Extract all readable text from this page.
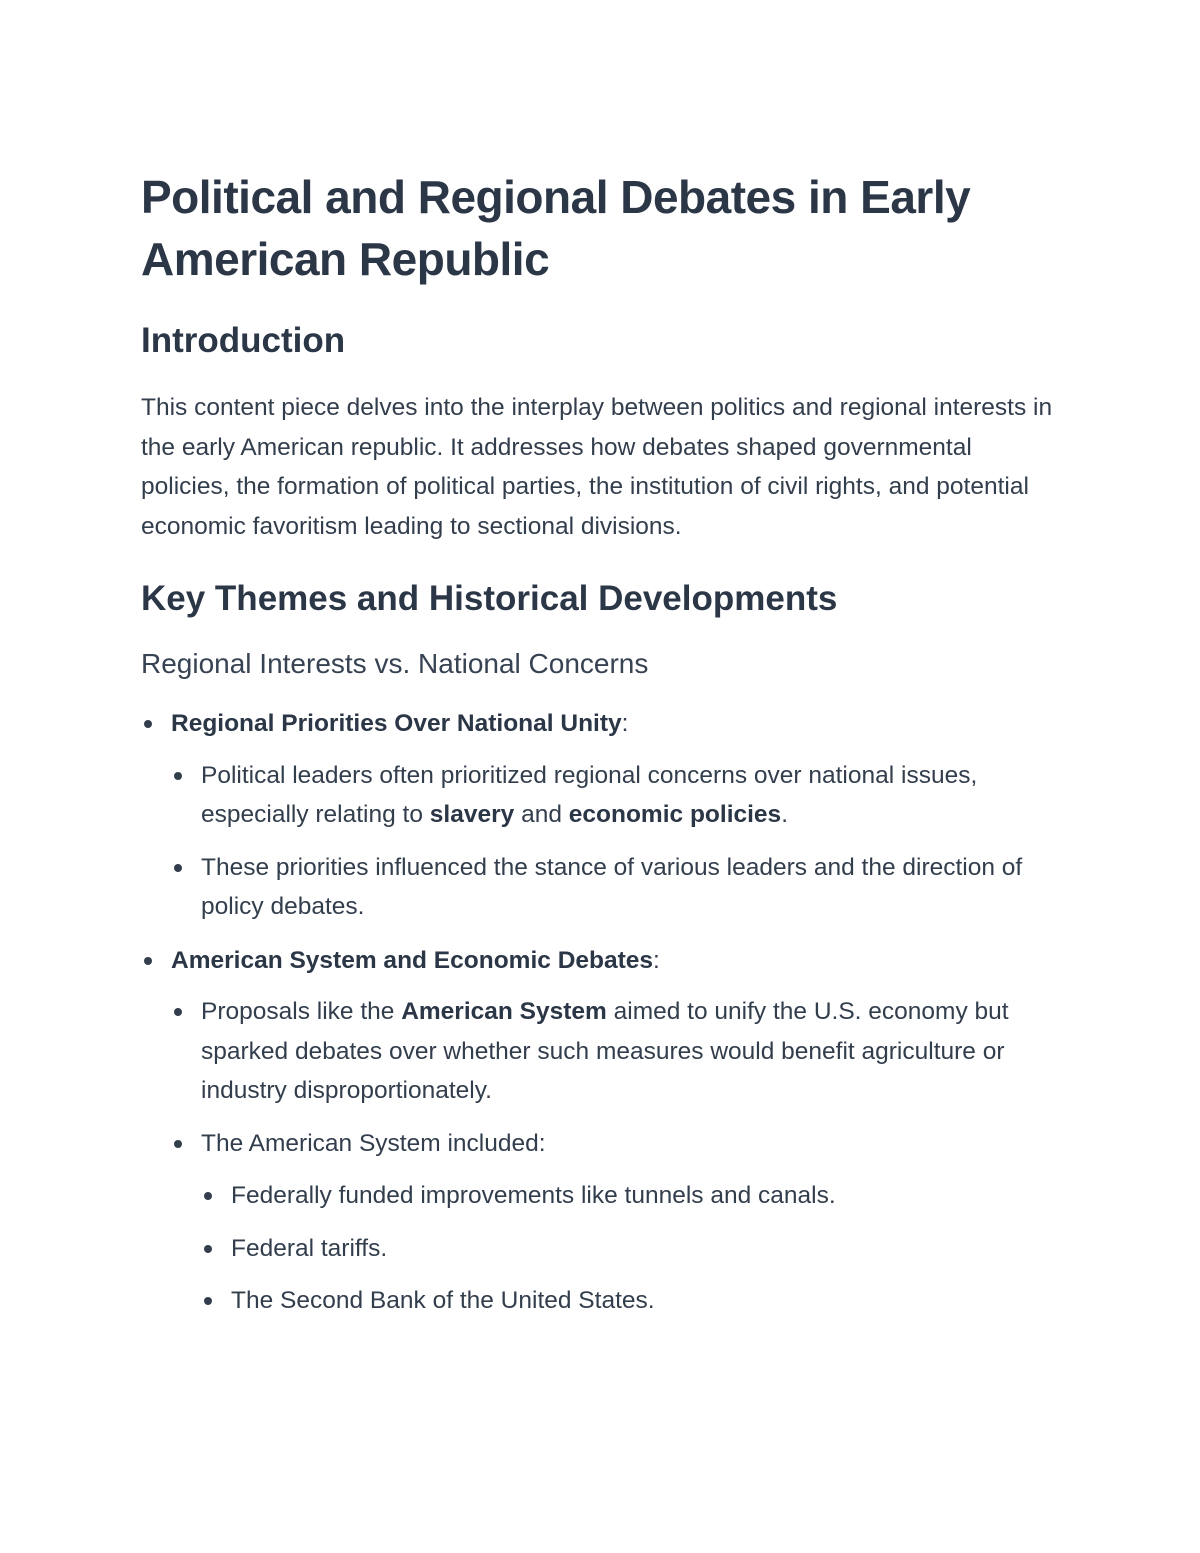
Political and Regional Debates in Early American Republic
Introduction

This content piece delves into the interplay between politics and regional interests in the early American republic. It addresses how debates shaped governmental policies, the formation of political parties, the institution of civil rights, and potential economic favoritism leading to sectional divisions.

Key Themes and Historical Developments
Regional Interests vs. National Concerns
Regional Priorities Over National Unity:
Political leaders often prioritized regional concerns over national issues, especially relating to slavery and economic policies.
These priorities influenced the stance of various leaders and the direction of policy debates.
American System and Economic Debates:
Proposals like the American System aimed to unify the U.S. economy but sparked debates over whether such measures would benefit agriculture or industry disproportionately.
The American System included:
Federally funded improvements like tunnels and canals.
Federal tariffs.
The Second Bank of the United States.
